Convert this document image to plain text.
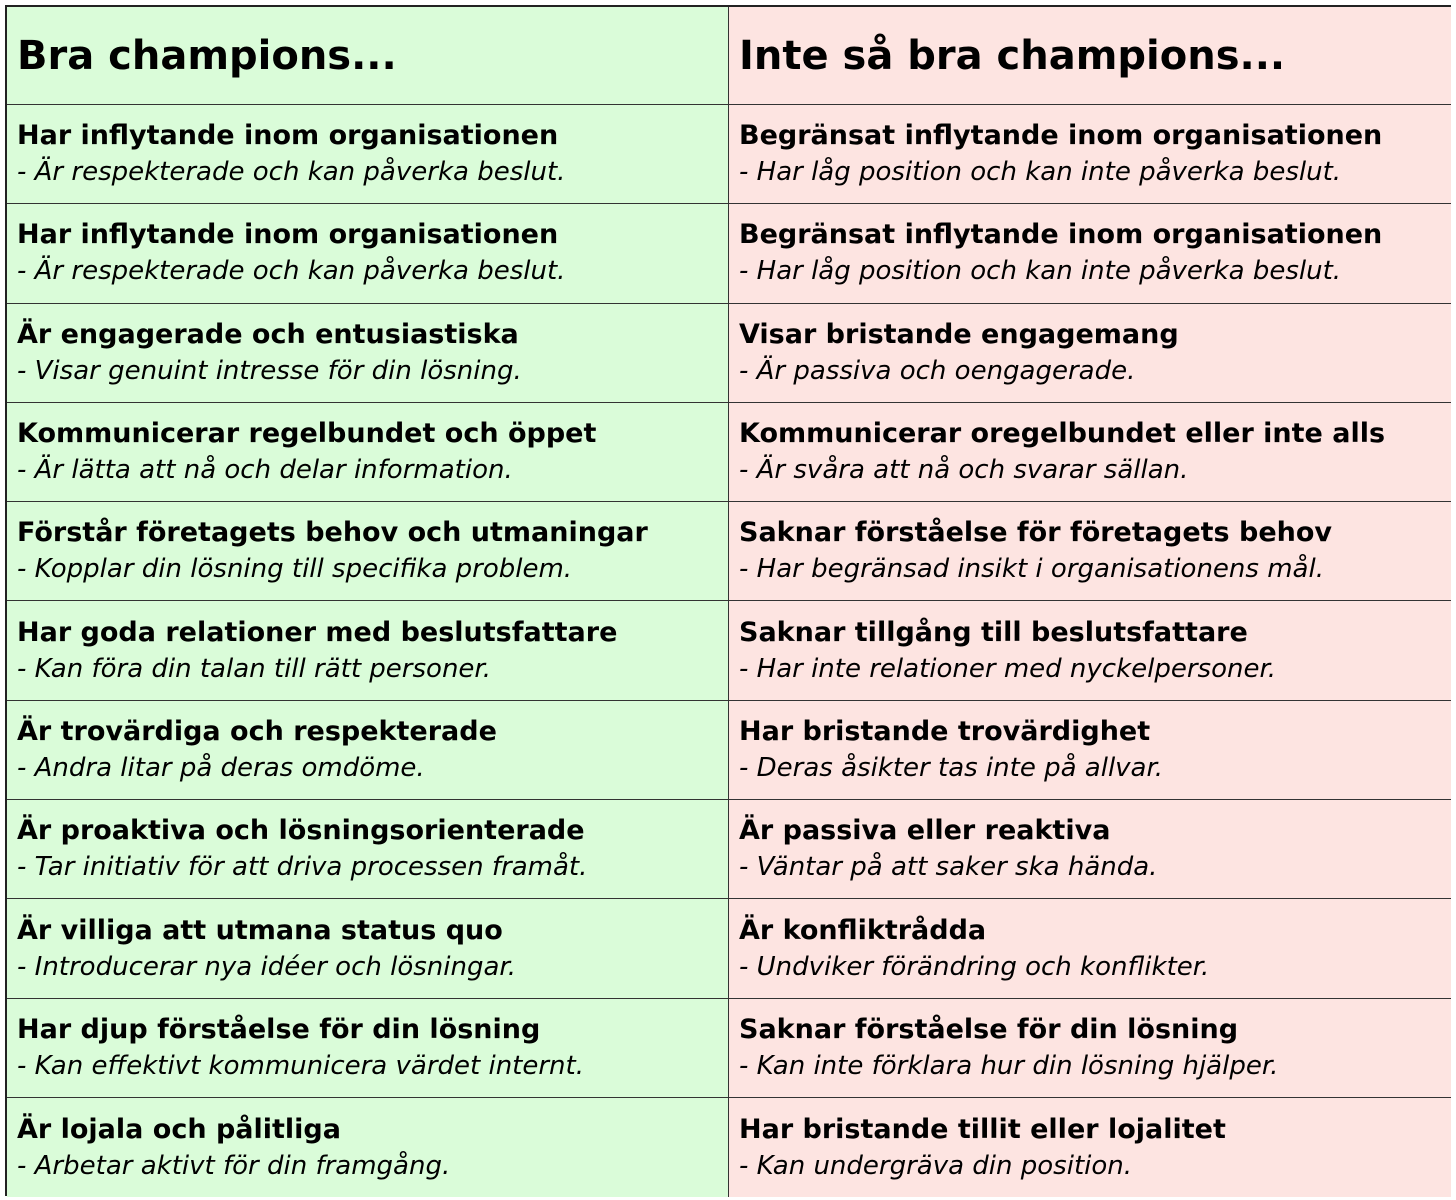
Bra champions...	Inte så bra champions...
Har inflytande inom organisationen
- Är respekterade och kan påverka beslut.
Begränsat inflytande inom organisationen
- Har låg position och kan inte påverka beslut.
Har inflytande inom organisationen
- Är respekterade och kan påverka beslut.
Begränsat inflytande inom organisationen
- Har låg position och kan inte påverka beslut.
Är engagerade och entusiastiska
- Visar genuint intresse för din lösning.
Visar bristande engagemang
- Är passiva och oengagerade.
Kommunicerar regelbundet och öppet
- Är lätta att nå och delar information.
Kommunicerar oregelbundet eller inte alls
- Är svåra att nå och svarar sällan.
Förstår företagets behov och utmaningar
- Kopplar din lösning till specifika problem.
Saknar förståelse för företagets behov
- Har begränsad insikt i organisationens mål.
Har goda relationer med beslutsfattare
- Kan föra din talan till rätt personer.
Saknar tillgång till beslutsfattare
- Har inte relationer med nyckelpersoner.
Är trovärdiga och respekterade
- Andra litar på deras omdöme.
Har bristande trovärdighet
- Deras åsikter tas inte på allvar.
Är proaktiva och lösningsorienterade
- Tar initiativ för att driva processen framåt.
Är passiva eller reaktiva
- Väntar på att saker ska hända.
Är villiga att utmana status quo
- Introducerar nya idéer och lösningar.
Är konfliktrådda
- Undviker förändring och konflikter.
Har djup förståelse för din lösning
- Kan effektivt kommunicera värdet internt.
Saknar förståelse för din lösning
- Kan inte förklara hur din lösning hjälper.
Är lojala och pålitliga
- Arbetar aktivt för din framgång.
Har bristande tillit eller lojalitet
- Kan undergräva din position.
